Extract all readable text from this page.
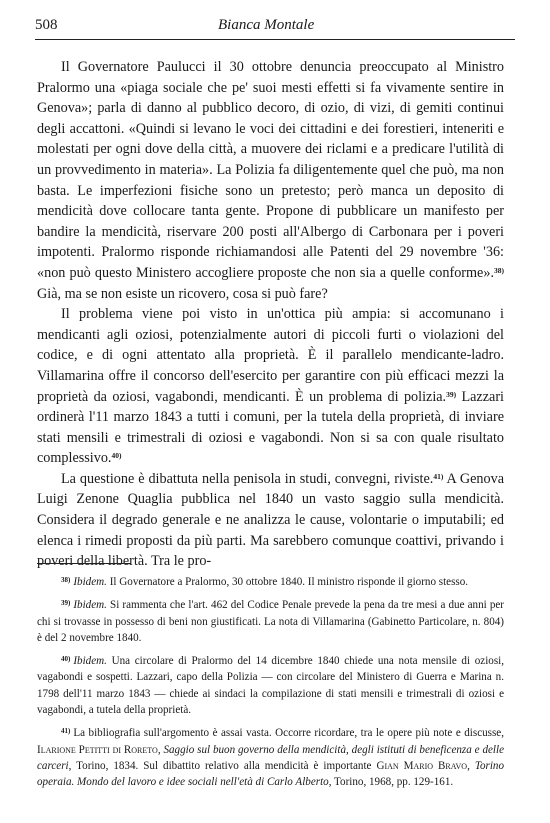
508	Bianca Montale

Il Governatore Paulucci il 30 ottobre denuncia preoccupato al Ministro Pralormo una «piaga sociale che pe' suoi mesti effetti si fa vivamente sentire in Genova»; parla di danno al pubblico decoro, di ozio, di vizi, di gemiti continui degli accattoni. «Quindi si levano le voci dei cittadini e dei forestieri, inteneriti e molestati per ogni dove della città, a muovere dei riclami e a predicare l'utilità di un provvedimento in materia». La Polizia fa diligentemente quel che può, ma non basta. Le imperfezioni fisiche sono un pretesto; però manca un deposito di mendicità dove collocare tanta gente. Propone di pubblicare un manifesto per bandire la mendicità, riservare 200 posti all'Albergo di Carbonara per i poveri impotenti. Pralormo risponde richiamandosi alle Patenti del 29 novembre '36: «non può questo Ministero accogliere proposte che non sia a quelle conforme».$^{38)}$ Già, ma se non esiste un ricovero, cosa si può fare?

Il problema viene poi visto in un'ottica più ampia: si accomunano i mendicanti agli oziosi, potenzialmente autori di piccoli furti o violazioni del codice, e di ogni attentato alla proprietà. È il parallelo mendicante-ladro. Villamarina offre il concorso dell'esercito per garantire con più efficaci mezzi la proprietà da oziosi, vagabondi, mendicanti. È un problema di polizia.$^{39)}$ Lazzari ordinerà l'11 marzo 1843 a tutti i comuni, per la tutela della proprietà, di inviare stati mensili e trimestrali di oziosi e vagabondi. Non si sa con quale risultato complessivo.$^{40)}$

La questione è dibattuta nella penisola in studi, convegni, riviste.$^{41)}$ A Genova Luigi Zenone Quaglia pubblica nel 1840 un vasto saggio sulla mendicità. Considera il degrado generale e ne analizza le cause, volontarie o imputabili; ed elenca i rimedi proposti da più parti. Ma sarebbero comunque coattivi, privando i poveri della libertà. Tra le pro-

$^{38)}$ Ibidem. Il Governatore a Pralormo, 30 ottobre 1840. Il ministro risponde il giorno stesso.

$^{39)}$ Ibidem. Si rammenta che l'art. 462 del Codice Penale prevede la pena da tre mesi a due anni per chi si trovasse in possesso di beni non giustificati. La nota di Villamarina (Gabinetto Particolare, n. 804) è del 2 novembre 1840.

$^{40)}$ Ibidem. Una circolare di Pralormo del 14 dicembre 1840 chiede una nota mensile di oziosi, vagabondi e sospetti. Lazzari, capo della Polizia — con circolare del Ministero di Guerra e Marina n. 1798 dell'11 marzo 1843 — chiede ai sindaci la compilazione di stati mensili e trimestrali di oziosi e vagabondi, a tutela della proprietà.

$^{41)}$ La bibliografia sull'argomento è assai vasta. Occorre ricordare, tra le opere più note e discusse, Ilarione Petitti di Roreto, Saggio sul buon governo della mendicità, degli istituti di beneficenza e delle carceri, Torino, 1834. Sul dibattito relativo alla mendicità è importante Gian Mario Bravo, Torino operaia. Mondo del lavoro e idee sociali nell'età di Carlo Alberto, Torino, 1968, pp. 129-161.
